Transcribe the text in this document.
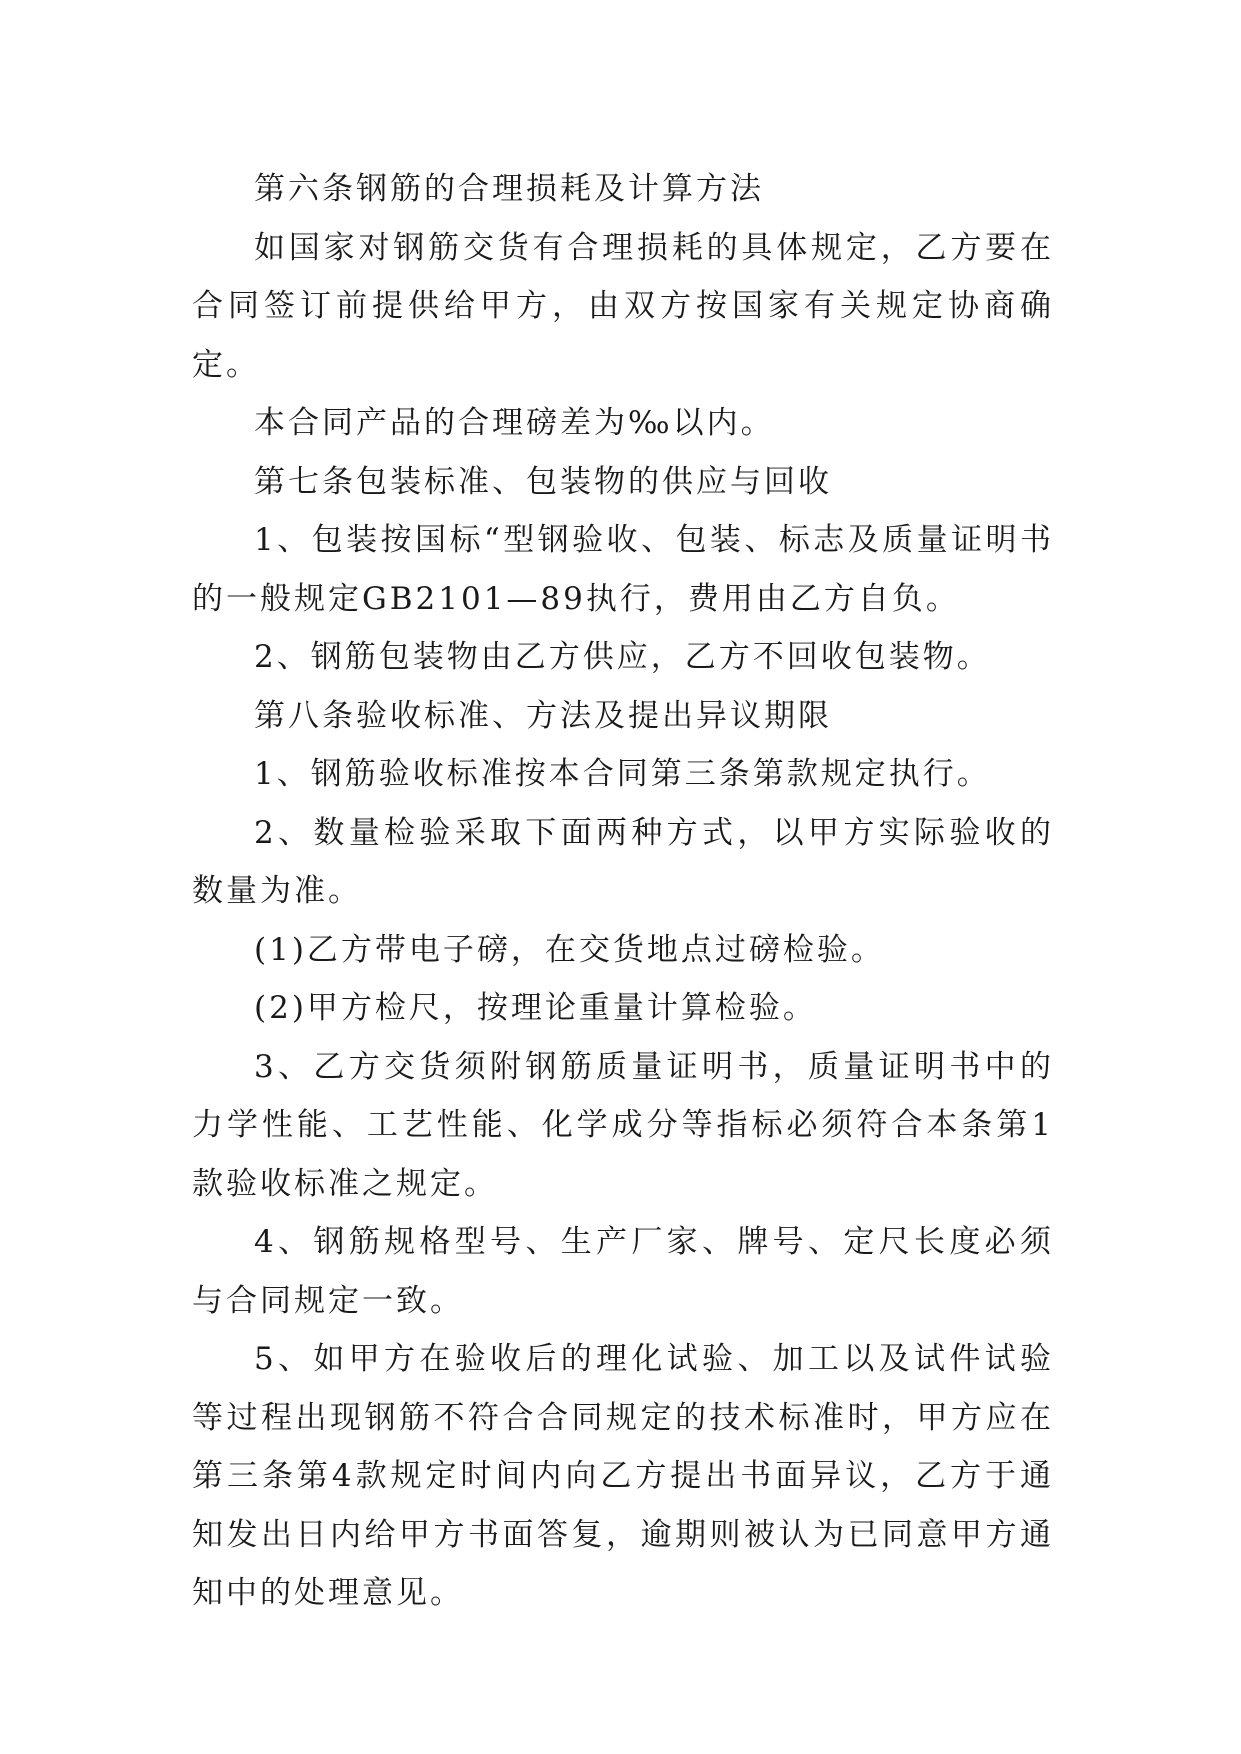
第六条钢筋的合理损耗及计算方法

如国家对钢筋交货有合理损耗的具体规定，乙方要在合同签订前提供给甲方，由双方按国家有关规定协商确定。

本合同产品的合理磅差为‰以内。

第七条包装标准、包装物的供应与回收

1、包装按国标“型钢验收、包装、标志及质量证明书的一般规定GB2101—89执行，费用由乙方自负。

2、钢筋包装物由乙方供应，乙方不回收包装物。

第八条验收标准、方法及提出异议期限

1、钢筋验收标准按本合同第三条第款规定执行。

2、数量检验采取下面两种方式，以甲方实际验收的数量为准。

(1)乙方带电子磅，在交货地点过磅检验。

(2)甲方检尺，按理论重量计算检验。

3、乙方交货须附钢筋质量证明书，质量证明书中的力学性能、工艺性能、化学成分等指标必须符合本条第1款验收标准之规定。

4、钢筋规格型号、生产厂家、牌号、定尺长度必须与合同规定一致。

5、如甲方在验收后的理化试验、加工以及试件试验等过程出现钢筋不符合合同规定的技术标准时，甲方应在第三条第4款规定时间内向乙方提出书面异议，乙方于通知发出日内给甲方书面答复，逾期则被认为已同意甲方通知中的处理意见。
